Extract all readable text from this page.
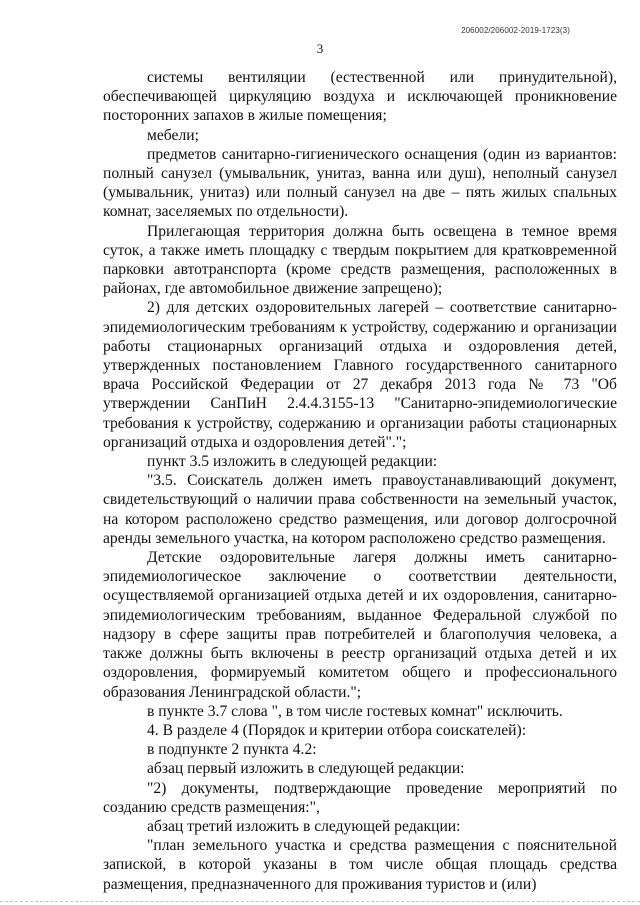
206002/206002-2019-1723(3)
3

системы вентиляции (естественной или принудительной), обеспечивающей циркуляцию воздуха и исключающей проникновение посторонних запахов в жилые помещения;

мебели;

предметов санитарно-гигиенического оснащения (один из вариантов: полный санузел (умывальник, унитаз, ванна или душ), неполный санузел (умывальник, унитаз) или полный санузел на две – пять жилых спальных комнат, заселяемых по отдельности).

Прилегающая территория должна быть освещена в темное время суток, а также иметь площадку с твердым покрытием для кратковременной парковки автотранспорта (кроме средств размещения, расположенных в районах, где автомобильное движение запрещено);

2) для детских оздоровительных лагерей – соответствие санитарно-эпидемиологическим требованиям к устройству, содержанию и организации работы стационарных организаций отдыха и оздоровления детей, утвержденных постановлением Главного государственного санитарного врача Российской Федерации от 27 декабря 2013 года № 73 "Об утверждении СанПиН 2.4.4.3155-13 "Санитарно-эпидемиологические требования к устройству, содержанию и организации работы стационарных организаций отдыха и оздоровления детей".";

пункт 3.5 изложить в следующей редакции:

"3.5. Соискатель должен иметь правоустанавливающий документ, свидетельствующий о наличии права собственности на земельный участок, на котором расположено средство размещения, или договор долгосрочной аренды земельного участка, на котором расположено средство размещения.

Детские оздоровительные лагеря должны иметь санитарно-эпидемиологическое заключение о соответствии деятельности, осуществляемой организацией отдыха детей и их оздоровления, санитарно-эпидемиологическим требованиям, выданное Федеральной службой по надзору в сфере защиты прав потребителей и благополучия человека, а также должны быть включены в реестр организаций отдыха детей и их оздоровления, формируемый комитетом общего и профессионального образования Ленинградской области.";

в пункте 3.7 слова ", в том числе гостевых комнат" исключить.

4. В разделе 4 (Порядок и критерии отбора соискателей):

в подпункте 2 пункта 4.2:

абзац первый изложить в следующей редакции:

"2) документы, подтверждающие проведение мероприятий по созданию средств размещения:",

абзац третий изложить в следующей редакции:

"план земельного участка и средства размещения с пояснительной запиской, в которой указаны в том числе общая площадь средства размещения, предназначенного для проживания туристов и (или)
